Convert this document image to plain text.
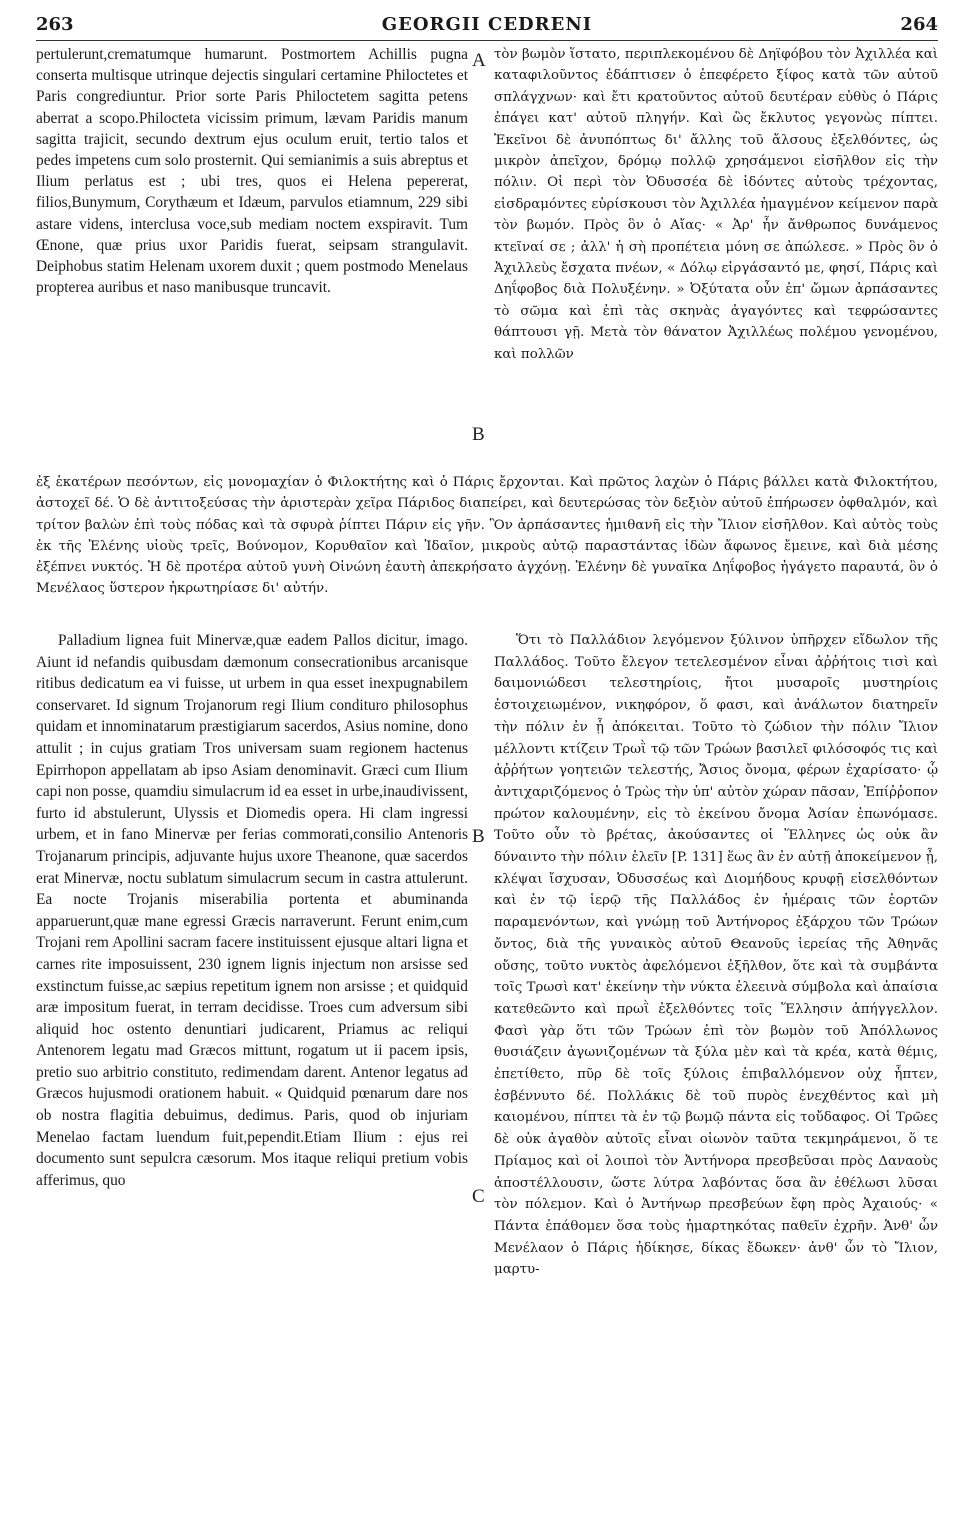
263	GEORGII CEDRENI	264

pertulerunt,crematumque humarunt. Postmortem Achillis pugna conserta multisque utrinque dejectis singulari certamine Philoctetes et Paris congrediuntur. Prior sorte Paris Philoctetem sagitta petens aberrat a scopo.Philocteta vicissim primum, lævam Paridis manum sagitta trajicit, secundo dextrum ejus oculum eruit, tertio talos et pedes impetens cum solo prosternit. Qui semianimis a suis abreptus et Ilium perlatus est ; ubi tres, quos ei Helena pepererat, filios,Bunymum, Corythæum et Idæum, parvulos etiamnum, 229 sibi astare videns, interclusa voce,sub mediam noctem exspiravit. Tum Œnone, quæ prius uxor Paridis fuerat, seipsam strangulavit. Deiphobus statim Helenam uxorem duxit ; quem postmodo Menelaus propterea auribus et naso manibusque truncavit.

A
B

τὸν βωμὸν ἵστατο, περιπλεκομένου δὲ Δηϊφόβου τὸν Ἀχιλλέα καὶ καταφιλοῦντος ἐδάπτισεν ὁ ἐπεφέρετο ξίφος κατὰ τῶν αὐτοῦ σπλάγχνων· καὶ ἔτι κρατοῦντος αὐτοῦ δευτέραν εὐθὺς ὁ Πάρις ἐπάγει κατ' αὐτοῦ πληγήν. Καὶ ὣς ἔκλυτος γεγονὼς πίπτει. Ἐκεῖνοι δὲ ἀνυπόπτως δι' ἄλλης τοῦ ἄλσους ἐξελθόντες, ὡς μικρὸν ἀπεῖχον, δρόμῳ πολλῷ χρησάμενοι εἰσῆλθον εἰς τὴν πόλιν. Οἱ περὶ τὸν Ὀδυσσέα δὲ ἰδόντες αὐτοὺς τρέχοντας, εἰσδραμόντες εὑρίσκουσι τὸν Ἀχιλλέα ἡμαγμένον κείμενον παρὰ τὸν βωμόν. Πρὸς ὃν ὁ Αἴας· « Ἀρ' ἦν ἄνθρωπος δυνάμενος κτεῖναί σε ; ἀλλ' ἡ σὴ προπέτεια μόνη σε ἀπώλεσε. » Πρὸς ὃν ὁ Ἀχιλλεὺς ἔσχατα πνέων, « Δόλῳ εἰργάσαντό με, φησί, Πάρις καὶ Δηΐφοβος διὰ Πολυξένην. » Ὀξύτατα οὖν ἐπ' ὤμων ἁρπάσαντες τὸ σῶμα καὶ ἐπὶ τὰς σκηνὰς ἀγαγόντες καὶ τεφρώσαντες θάπτουσι γῇ. Μετὰ τὸν θάνατον Ἀχιλλέως πολέμου γενομένου, καὶ πολλῶν

ἐξ ἑκατέρων πεσόντων, εἰς μονομαχίαν ὁ Φιλοκτήτης καὶ ὁ Πάρις ἔρχονται. Καὶ πρῶτος λαχὼν ὁ Πάρις βάλλει κατὰ Φιλοκτήτου, ἀστοχεῖ δέ. Ὁ δὲ ἀντιτοξεύσας τὴν ἀριστερὰν χεῖρα Πάριδος διαπείρει, καὶ δευτερώσας τὸν δεξιὸν αὐτοῦ ἐπήρωσεν ὀφθαλμόν, καὶ τρίτον βαλὼν ἐπὶ τοὺς πόδας καὶ τὰ σφυρὰ ῥίπτει Πάριν εἰς γῆν. Ὃν ἁρπάσαντες ἡμιθανῆ εἰς τὴν Ἴλιον εἰσῆλθον. Καὶ αὐτὸς τοὺς ἐκ τῆς Ἑλένης υἱοὺς τρεῖς, Βούνομον, Κορυθαῖον καὶ Ἰδαῖον, μικροὺς αὐτῷ παραστάντας ἰδὼν ἄφωνος ἔμεινε, καὶ διὰ μέσης ἐξέπνει νυκτός. Ἡ δὲ προτέρα αὐτοῦ γυνὴ Οἰνώνη ἑαυτὴ ἀπεκρήσατο ἀγχόνῃ. Ἑλένην δὲ γυναῖκα Δηΐφοβος ἠγάγετο παραυτά, ὃν ὁ Μενέλαος ὕστερον ἠκρωτηρίασε δι' αὐτήν.

Palladium lignea fuit Minervæ,quæ eadem Pallos dicitur, imago. Aiunt id nefandis quibusdam dæmonum consecrationibus arcanisque ritibus dedicatum ea vi fuisse, ut urbem in qua esset inexpugnabilem conservaret. Id signum Trojanorum regi Ilium condituro philosophus quidam et innominatarum præstigiarum sacerdos, Asius nomine, dono attulit ; in cujus gratiam Tros universam suam regionem hactenus Epirrhopon appellatam ab ipso Asiam denominavit. Græci cum Ilium capi non posse, quamdiu simulacrum id ea esset in urbe,inaudivissent, furto id abstulerunt, Ulyssis et Diomedis opera. Hi clam ingressi urbem, et in fano Minervæ per ferias commorati,consilio Antenoris Trojanarum principis, adjuvante hujus uxore Theanone, quæ sacerdos erat Minervæ, noctu sublatum simulacrum secum in castra attulerunt. Ea nocte Trojanis miserabilia portenta et abuminanda apparuerunt,quæ mane egressi Græcis narraverunt. Ferunt enim,cum Trojani rem Apollini sacram facere instituissent ejusque altari ligna et carnes rite imposuissent, 230 ignem lignis injectum non arsisse sed exstinctum fuisse,ac sæpius repetitum ignem non arsisse ; et quidquid aræ impositum fuerat, in terram decidisse. Troes cum adversum sibi aliquid hoc ostento denuntiari judicarent, Priamus ac reliqui Antenorem legatu mad Græcos mittunt, rogatum ut ii pacem ipsis, pretio suo arbitrio constituto, redimendam darent. Antenor legatus ad Græcos hujusmodi orationem habuit. « Quidquid pœnarum dare nos ob nostra flagitia debuimus, dedimus. Paris, quod ob injuriam Menelao factam luendum fuit,pependit.Etiam Ilium : ejus rei documento sunt sepulcra cæsorum. Mos itaque reliqui pretium vobis afferimus, quo

B
C

Ὅτι τὸ Παλλάδιον λεγόμενον ξύλινον ὑπῆρχεν εἴδωλον τῆς Παλλάδος. Τοῦτο ἔλεγον τετελεσμένον εἶναι ἀῤῥήτοις τισὶ καὶ δαιμονιώδεσι τελεστηρίοις, ἤτοι μυσαροῖς μυστηρίοις ἐστοιχειωμένον, νικηφόρον, ὅ φασι, καὶ ἀνάλωτον διατηρεῖν τὴν πόλιν ἐν ᾗ ἀπόκειται. Τοῦτο τὸ ζώδιον τὴν πόλιν Ἴλιον μέλλοντι κτίζειν Τρωῒ τῷ τῶν Τρώων βασιλεῖ φιλόσοφός τις καὶ ἀῤῥήτων γοητειῶν τελεστής, Ἄσιος ὄνομα, φέρων ἐχαρίσατο· ᾧ ἀντιχαριζόμενος ὁ Τρὼς τὴν ὑπ' αὐτὸν χώραν πᾶσαν, Ἐπίῤῥοπον πρώτον καλουμένην, εἰς τὸ ἐκείνου ὄνομα Ἀσίαν ἐπωνόμασε. Τοῦτο οὖν τὸ βρέτας, ἀκούσαντες οἱ Ἕλληνες ὡς οὐκ ἂν δύναιντο τὴν πόλιν ἑλεῖν [P. 131] ἕως ἂν ἐν αὐτῇ ἀποκείμενον ᾖ, κλέψαι ἴσχυσαν, Ὀδυσσέως καὶ Διομήδους κρυφῇ εἰσελθόντων καὶ ἐν τῷ ἱερῷ τῆς Παλλάδος ἐν ἡμέραις τῶν ἑορτῶν παραμενόντων, καὶ γνώμῃ τοῦ Ἀντήνορος ἐξάρχου τῶν Τρώων ὄντος, διὰ τῆς γυναικὸς αὐτοῦ Θεανοῦς ἱερείας τῆς Ἀθηνᾶς οὔσης, τοῦτο νυκτὸς ἀφελόμενοι ἐξῆλθον, ὅτε καὶ τὰ συμβάντα τοῖς Τρωσὶ κατ' ἐκείνην τὴν νύκτα ἐλεεινὰ σύμβολα καὶ ἀπαίσια κατεθεῶντο καὶ πρωῒ ἐξελθόντες τοῖς Ἕλλησιν ἀπήγγελλον. Φασὶ γὰρ ὅτι τῶν Τρώων ἐπὶ τὸν βωμὸν τοῦ Ἀπόλλωνος θυσιάζειν ἀγωνιζομένων τὰ ξύλα μὲν καὶ τὰ κρέα, κατὰ θέμις, ἐπετίθετο, πῦρ δὲ τοῖς ξύλοις ἐπιβαλλόμενον οὐχ ἧπτεν, ἐσβέννυτο δέ. Πολλάκις δὲ τοῦ πυρὸς ἐνεχθέντος καὶ μὴ καιομένου, πίπτει τὰ ἐν τῷ βωμῷ πάντα εἰς τοὔδαφος. Οἱ Τρῶες δὲ οὐκ ἀγαθὸν αὐτοῖς εἶναι οἰωνὸν ταῦτα τεκμηράμενοι, ὅ τε Πρίαμος καὶ οἱ λοιποὶ τὸν Ἀντήνορα πρεσβεῦσαι πρὸς Δαναοὺς ἀποστέλλουσιν, ὥστε λύτρα λαβόντας ὅσα ἂν ἐθέλωσι λῦσαι τὸν πόλεμον. Καὶ ὁ Ἀντήνωρ πρεσβεύων ἔφη πρὸς Ἀχαιούς· « Πάντα ἐπάθομεν ὅσα τοὺς ἡμαρτηκότας παθεῖν ἐχρῆν. Ἀνθ' ὧν Μενέλαον ὁ Πάρις ἠδίκησε, δίκας ἔδωκεν· ἀνθ' ὧν τὸ Ἴλιον, μαρτυ-
